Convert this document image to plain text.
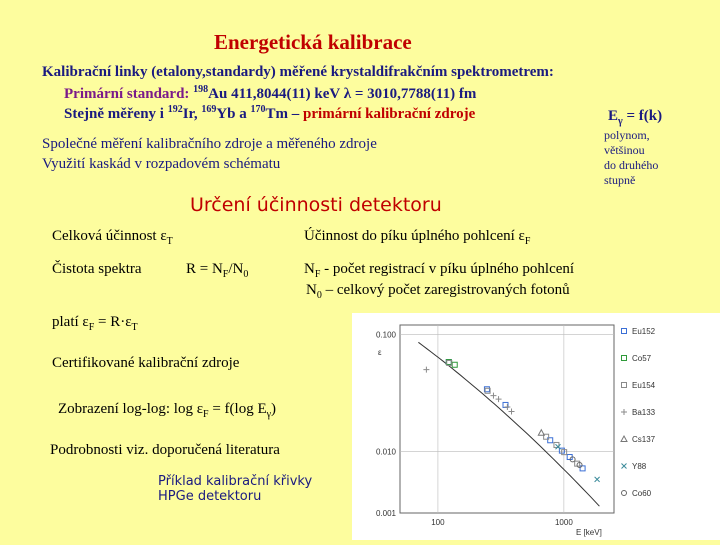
Energetická kalibrace
Kalibrační linky (etalony,standardy) měřené krystaldifrakčním spektrometrem:
Primární standard: $^{198}$Au 411,8044(11) keV λ = 3010,7788(11) fm
Stejně měřeny i $^{192}$Ir, $^{169}$Yb a $^{170}$Tm – primární kalibrační zdroje	$E_\gamma = f(k)$
Společné měření kalibračního zdroje a měřeného zdroje
Využití kaskád v rozpadovém schématu
polynom,
většinou
do druhého
stupně
Určení účinnosti detektoru
Celková účinnost $\varepsilon_T$	Účinnost do píku úplného pohlcení $\varepsilon_F$
Čistota spektra	$R = N_F/N_0$	$N_F$ - počet registrací v píku úplného pohlcení
$N_0$ – celkový počet zaregistrovaných fotonů
platí $\varepsilon_F = R\cdot\varepsilon_T$
Certifikované kalibrační zdroje
Zobrazení log-log: $\log \varepsilon_F = f(\log$ $E_\gamma$)
Podrobnosti viz. doporučená literatura
Příklad kalibrační křivky
HPGe detektoru
0.100
0.010
0.001
100	1000
ε
E [keV]
Eu152
Co57
Eu154
Ba133
Cs137
Y88
Co60
